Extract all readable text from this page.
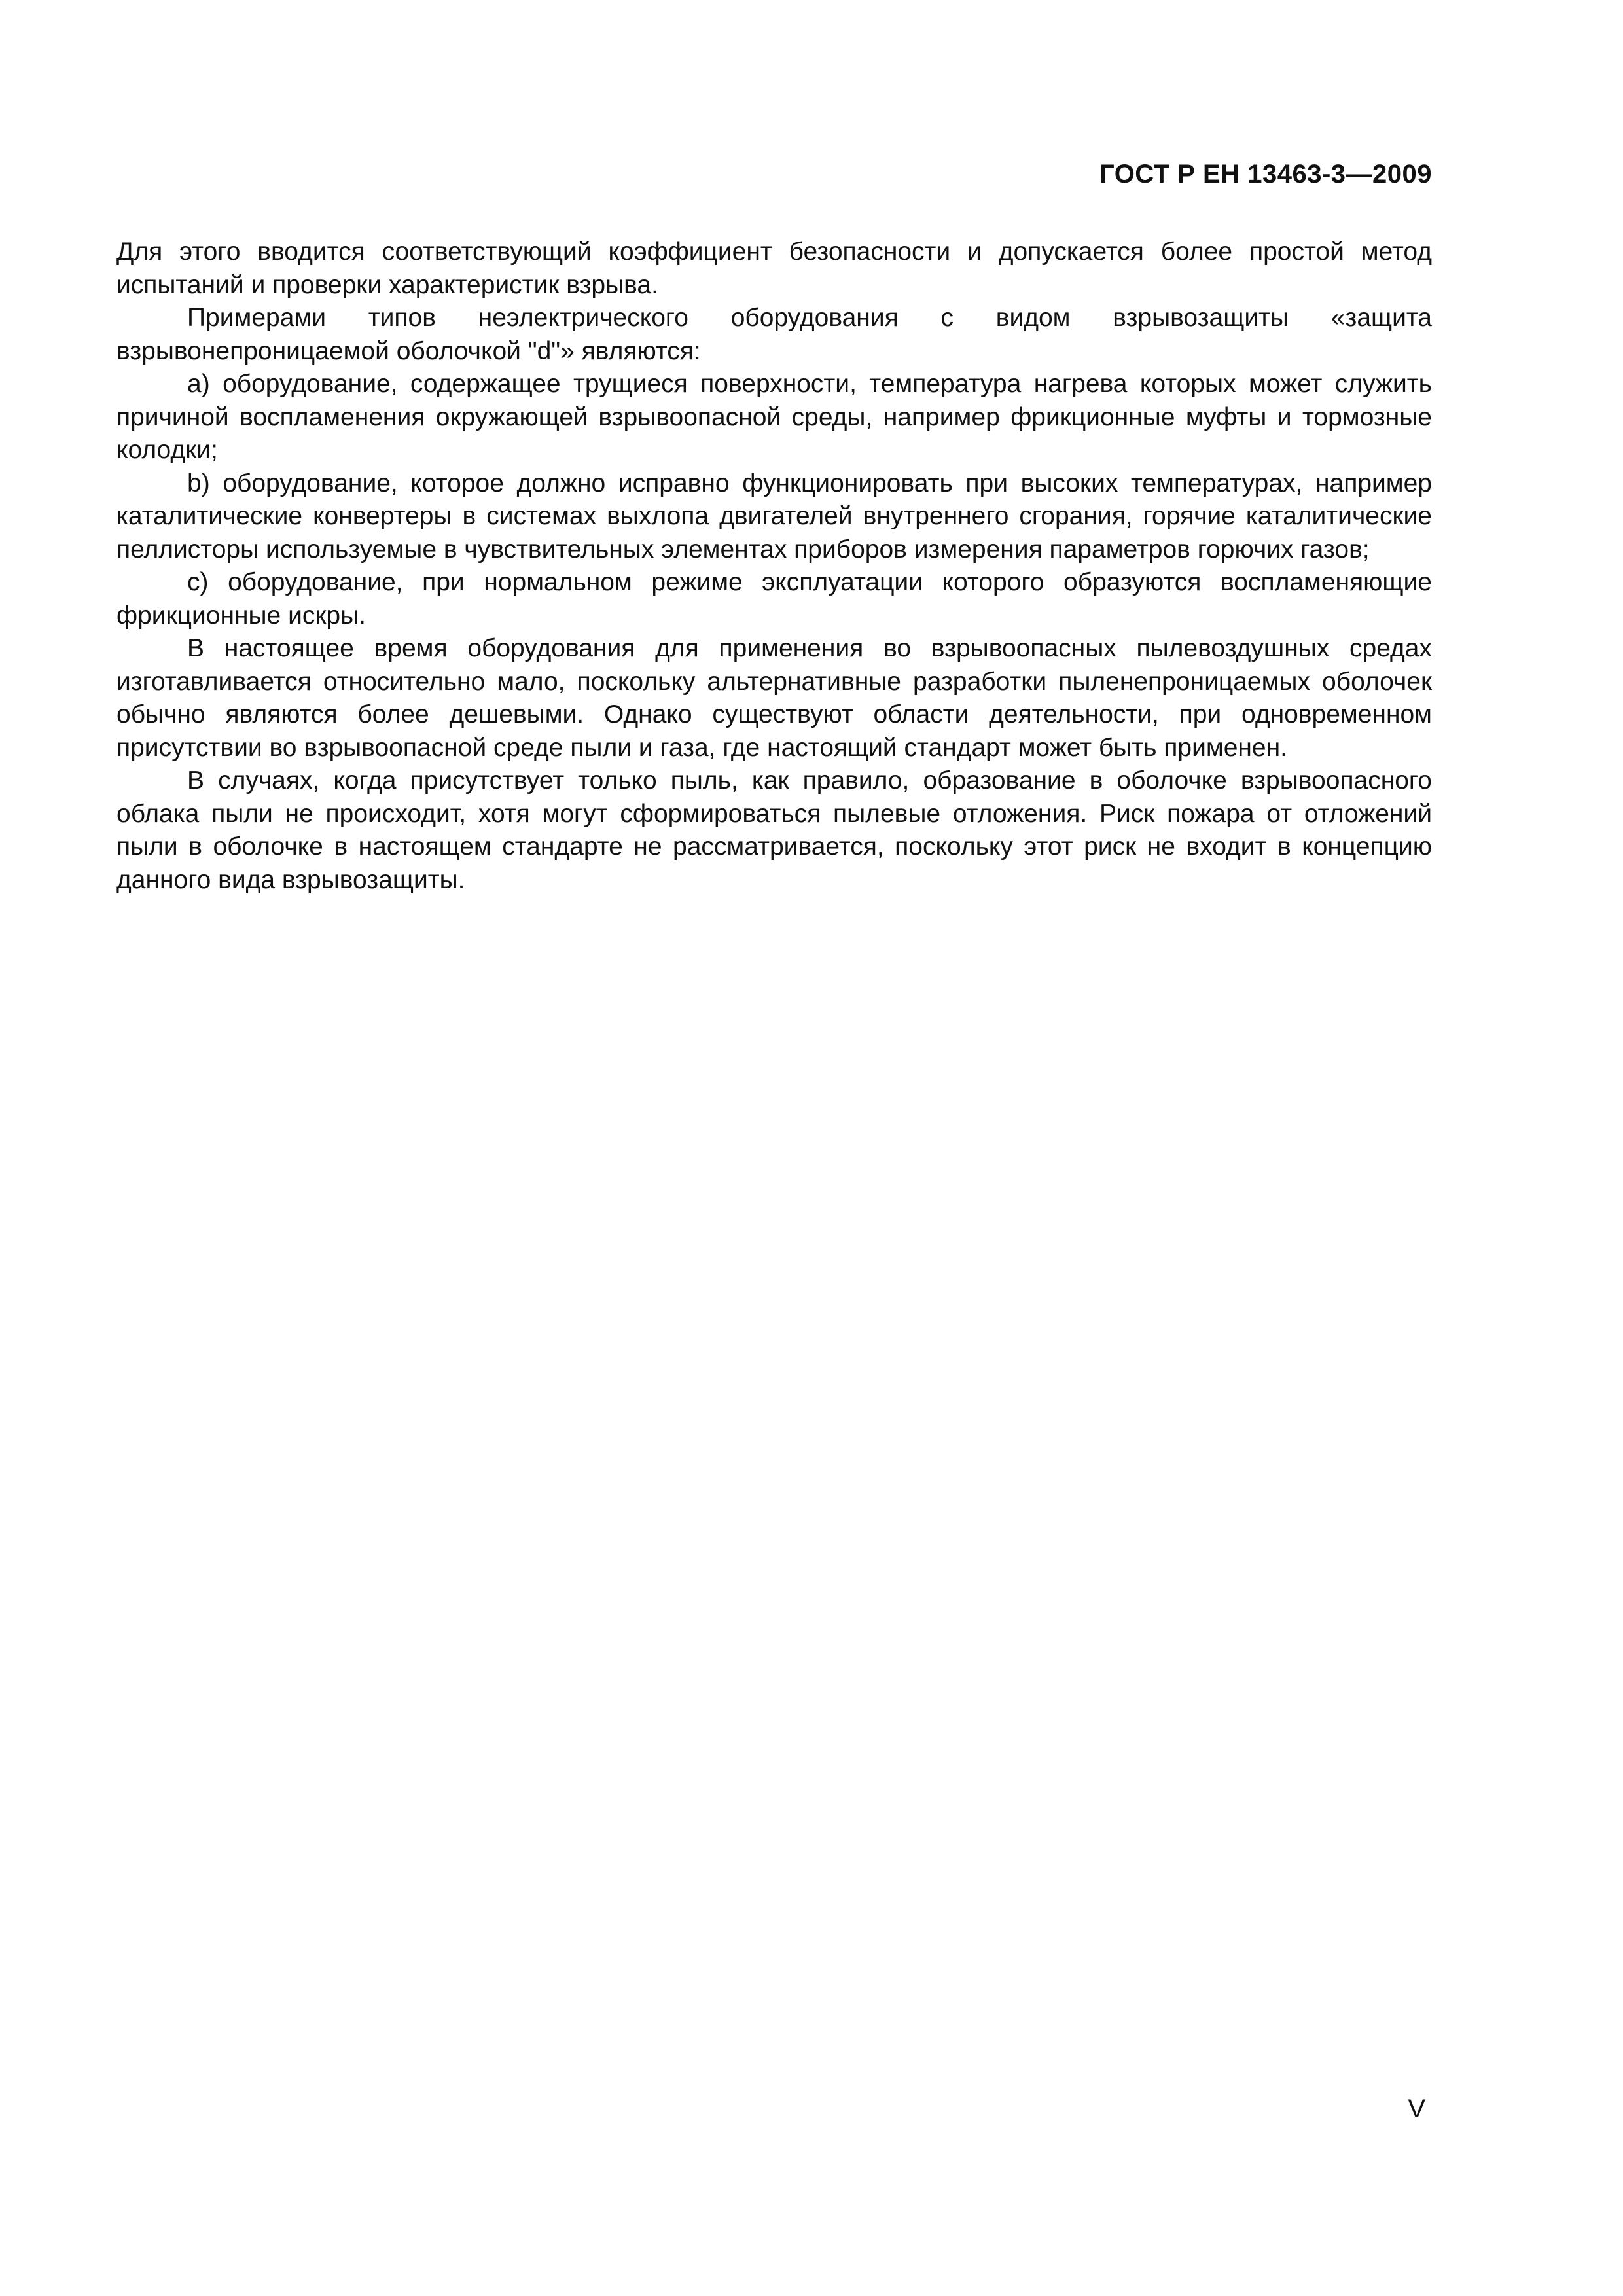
ГОСТ Р ЕН 13463-3—2009

Для этого вводится соответствующий коэффициент безопасности и допускается более простой метод испытаний и проверки характеристик взрыва.

Примерами типов неэлектрического оборудования с видом взрывозащиты «защита взрывонепроницаемой оболочкой "d"» являются:

a) оборудование, содержащее трущиеся поверхности, температура нагрева которых может служить причиной воспламенения окружающей взрывоопасной среды, например фрикционные муфты и тормозные колодки;

b) оборудование, которое должно исправно функционировать при высоких температурах, например каталитические конвертеры в системах выхлопа двигателей внутреннего сгорания, горячие каталитические пеллисторы используемые в чувствительных элементах приборов измерения параметров горючих газов;

c) оборудование, при нормальном режиме эксплуатации которого образуются воспламеняющие фрикционные искры.

В настоящее время оборудования для применения во взрывоопасных пылевоздушных средах изготавливается относительно мало, поскольку альтернативные разработки пыленепроницаемых оболочек обычно являются более дешевыми. Однако существуют области деятельности, при одновременном присутствии во взрывоопасной среде пыли и газа, где настоящий стандарт может быть применен.

В случаях, когда присутствует только пыль, как правило, образование в оболочке взрывоопасного облака пыли не происходит, хотя могут сформироваться пылевые отложения. Риск пожара от отложений пыли в оболочке в настоящем стандарте не рассматривается, поскольку этот риск не входит в концепцию данного вида взрывозащиты.

V
